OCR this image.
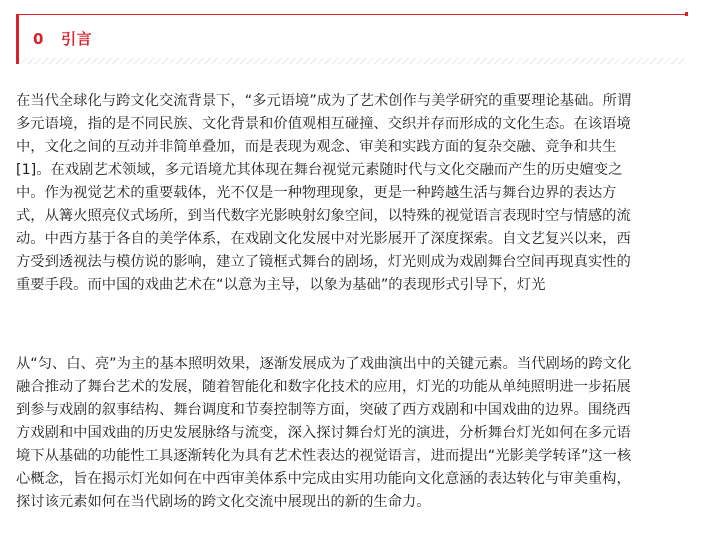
0   引言

在当代全球化与跨文化交流背景下，“多元语境”成为了艺术创作与美学研究的重要理论基础。所谓
多元语境，指的是不同民族、文化背景和价值观相互碰撞、交织并存而形成的文化生态。在该语境
中，文化之间的互动并非简单叠加，而是表现为观念、审美和实践方面的复杂交融、竞争和共生
[1]。在戏剧艺术领域，多元语境尤其体现在舞台视觉元素随时代与文化交融而产生的历史嬗变之
中。作为视觉艺术的重要载体，光不仅是一种物理现象，更是一种跨越生活与舞台边界的表达方
式，从篝火照亮仪式场所，到当代数字光影映射幻象空间，以特殊的视觉语言表现时空与情感的流
动。中西方基于各自的美学体系，在戏剧文化发展中对光影展开了深度探索。自文艺复兴以来，西
方受到透视法与模仿说的影响，建立了镜框式舞台的剧场，灯光则成为戏剧舞台空间再现真实性的
重要手段。而中国的戏曲艺术在“以意为主导，以象为基础”的表现形式引导下，灯光

从“匀、白、亮”为主的基本照明效果，逐渐发展成为了戏曲演出中的关键元素。当代剧场的跨文化
融合推动了舞台艺术的发展，随着智能化和数字化技术的应用，灯光的功能从单纯照明进一步拓展
到参与戏剧的叙事结构、舞台调度和节奏控制等方面，突破了西方戏剧和中国戏曲的边界。围绕西
方戏剧和中国戏曲的历史发展脉络与流变，深入探讨舞台灯光的演进，分析舞台灯光如何在多元语
境下从基础的功能性工具逐渐转化为具有艺术性表达的视觉语言，进而提出“光影美学转译”这一核
心概念，旨在揭示灯光如何在中西审美体系中完成由实用功能向文化意涵的表达转化与审美重构，
探讨该元素如何在当代剧场的跨文化交流中展现出的新的生命力。
